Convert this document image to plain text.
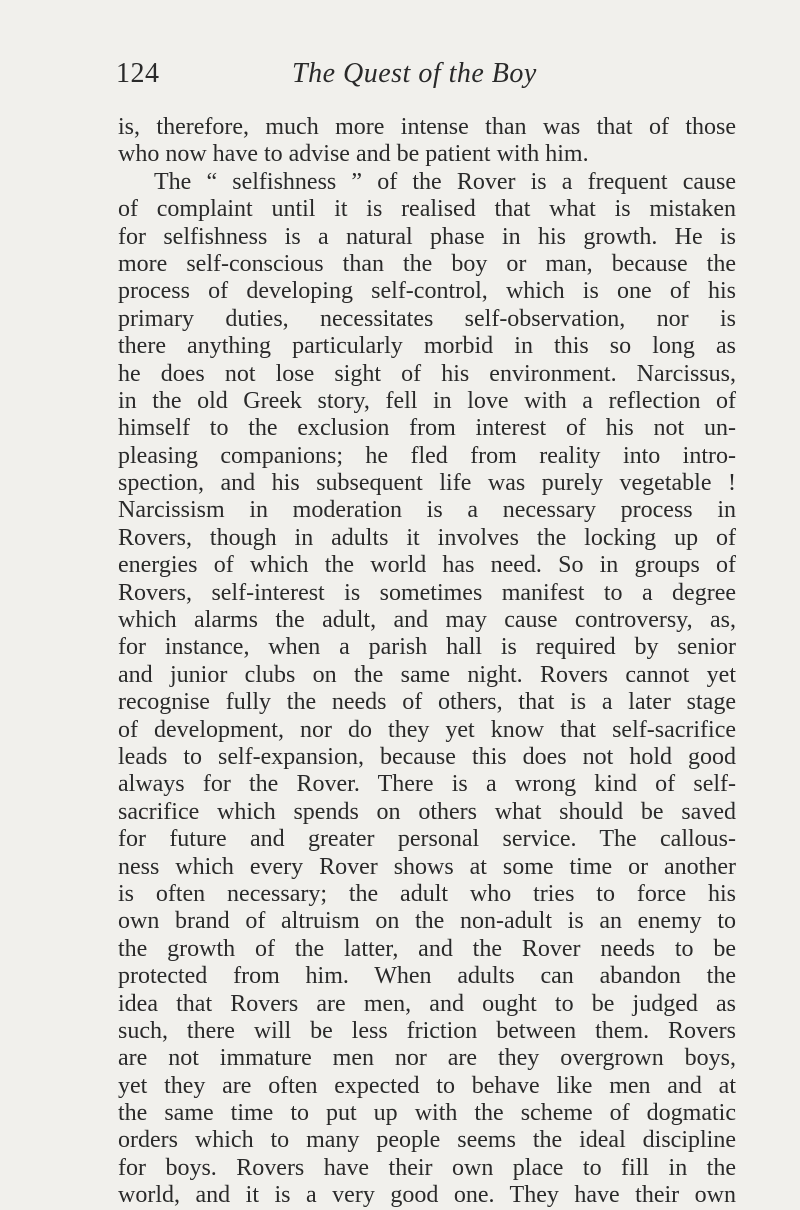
124	The Quest of the Boy
is, therefore, much more intense than was that of those
who now have to advise and be patient with him.
The “ selfishness ” of the Rover is a frequent cause
of complaint until it is realised that what is mistaken
for selfishness is a natural phase in his growth. He is
more self-conscious than the boy or man, because the
process of developing self-control, which is one of his
primary duties, necessitates self-observation, nor is
there anything particularly morbid in this so long as
he does not lose sight of his environment. Narcissus,
in the old Greek story, fell in love with a reflection of
himself to the exclusion from interest of his not un-
pleasing companions; he fled from reality into intro-
spection, and his subsequent life was purely vegetable !
Narcissism in moderation is a necessary process in
Rovers, though in adults it involves the locking up of
energies of which the world has need. So in groups of
Rovers, self-interest is sometimes manifest to a degree
which alarms the adult, and may cause controversy, as,
for instance, when a parish hall is required by senior
and junior clubs on the same night. Rovers cannot yet
recognise fully the needs of others, that is a later stage
of development, nor do they yet know that self-sacrifice
leads to self-expansion, because this does not hold good
always for the Rover. There is a wrong kind of self-
sacrifice which spends on others what should be saved
for future and greater personal service. The callous-
ness which every Rover shows at some time or another
is often necessary; the adult who tries to force his
own brand of altruism on the non-adult is an enemy to
the growth of the latter, and the Rover needs to be
protected from him. When adults can abandon the
idea that Rovers are men, and ought to be judged as
such, there will be less friction between them. Rovers
are not immature men nor are they overgrown boys,
yet they are often expected to behave like men and at
the same time to put up with the scheme of dogmatic
orders which to many people seems the ideal discipline
for boys. Rovers have their own place to fill in the
world, and it is a very good one. They have their own
